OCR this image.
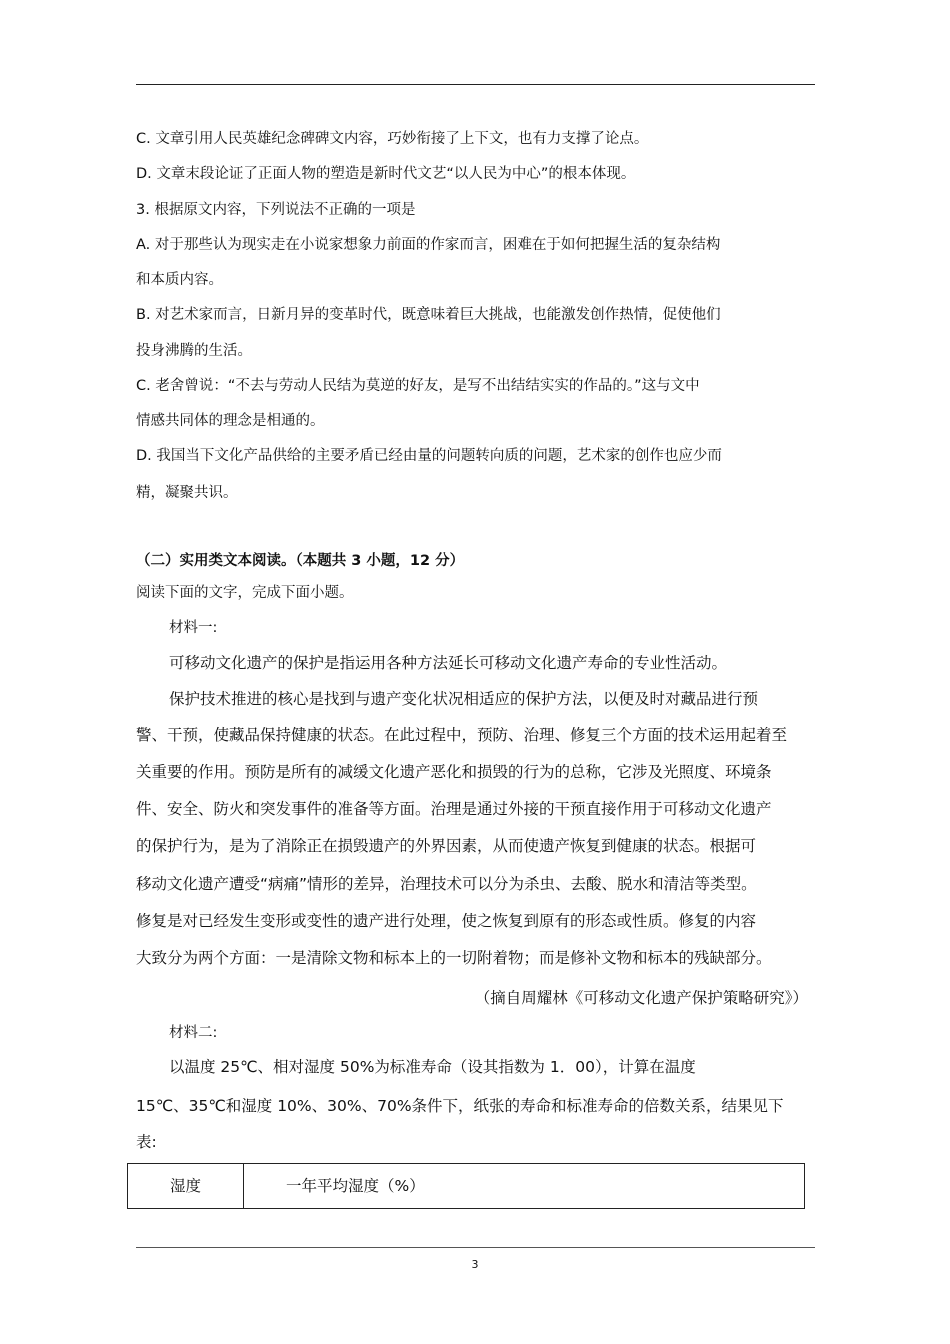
C. 文章引用人民英雄纪念碑碑文内容，巧妙衔接了上下文，也有力支撑了论点。
D. 文章末段论证了正面人物的塑造是新时代文艺“以人民为中心”的根本体现。
3. 根据原文内容，下列说法不正确的一项是
A. 对于那些认为现实走在小说家想象力前面的作家而言，困难在于如何把握生活的复杂结构
和本质内容。
B. 对艺术家而言，日新月异的变革时代，既意味着巨大挑战，也能激发创作热情，促使他们
投身沸腾的生活。
C. 老舍曾说：“不去与劳动人民结为莫逆的好友，是写不出结结实实的作品的。”这与文中
情感共同体的理念是相通的。
D. 我国当下文化产品供给的主要矛盾已经由量的问题转向质的问题，艺术家的创作也应少而
精，凝聚共识。
（二）实用类文本阅读。（本题共 3 小题，12 分）
阅读下面的文字，完成下面小题。
材料一:
可移动文化遗产的保护是指运用各种方法延长可移动文化遗产寿命的专业性活动。
保护技术推进的核心是找到与遗产变化状况相适应的保护方法，以便及时对藏品进行预
警、干预，使藏品保持健康的状态。在此过程中，预防、治理、修复三个方面的技术运用起着至
关重要的作用。预防是所有的减缓文化遗产恶化和损毁的行为的总称，它涉及光照度、环境条
件、安全、防火和突发事件的准备等方面。治理是通过外接的干预直接作用于可移动文化遗产
的保护行为，是为了消除正在损毁遗产的外界因素，从而使遗产恢复到健康的状态。根据可
移动文化遗产遭受“病痛”情形的差异，治理技术可以分为杀虫、去酸、脱水和清洁等类型。
修复是对已经发生变形或变性的遗产进行处理，使之恢复到原有的形态或性质。修复的内容
大致分为两个方面：一是清除文物和标本上的一切附着物；而是修补文物和标本的残缺部分。
（摘自周耀林《可移动文化遗产保护策略研究》）
材料二:
以温度 25℃、相对湿度 50%为标准寿命（设其指数为 1．00），计算在温度
15℃、35℃和湿度 10%、30%、70%条件下，纸张的寿命和标准寿命的倍数关系，结果见下
表:
湿度	一年平均湿度（%）
3
